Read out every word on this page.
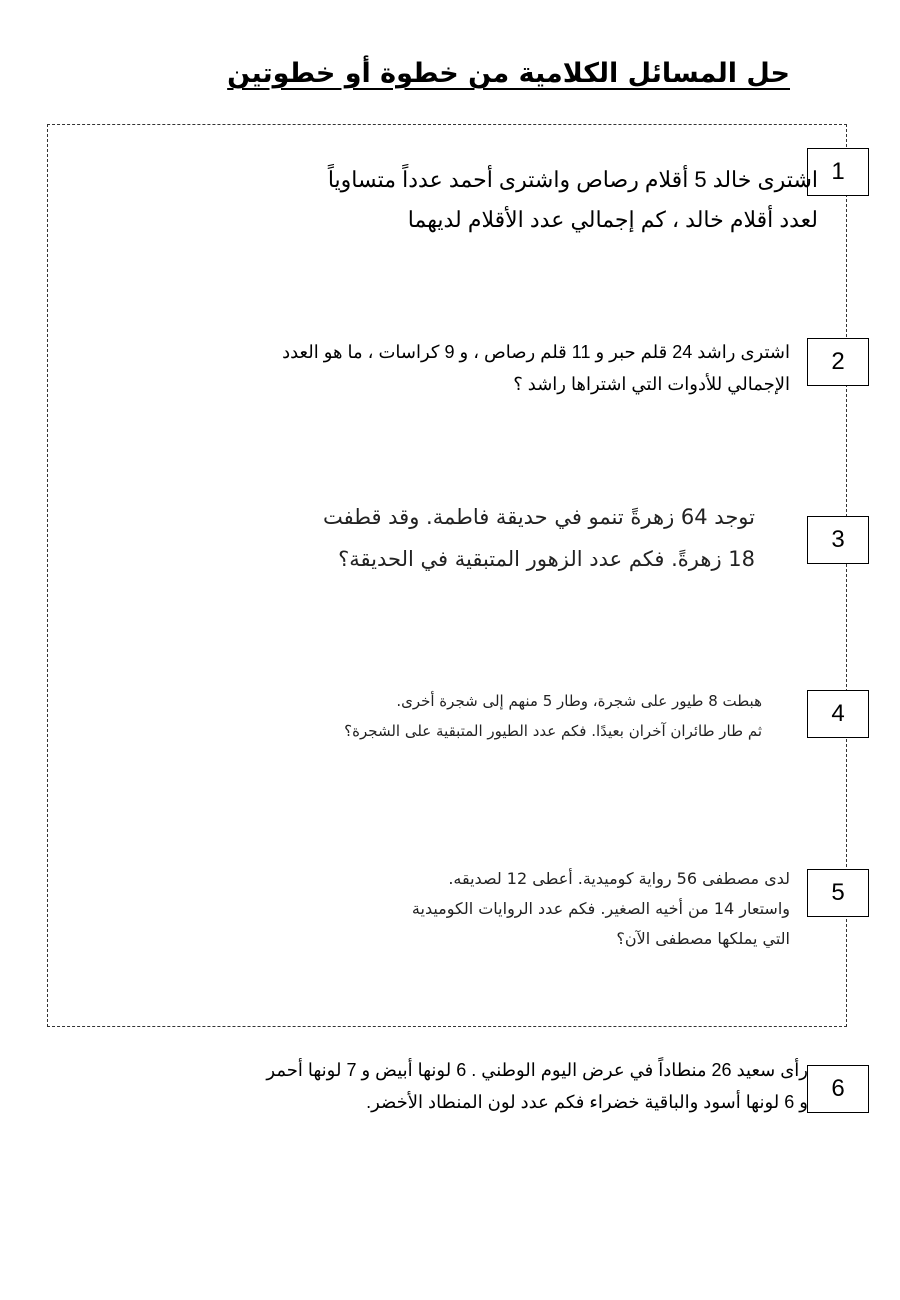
حل المسائل الكلامية من خطوة أو خطوتين
1
اشترى خالد 5 أقلام رصاص واشترى أحمد عدداً متساوياً
لعدد أقلام خالد ، كم إجمالي عدد الأقلام لديهما
2
اشترى راشد 24 قلم حبر و 11 قلم رصاص ، و 9 كراسات ، ما هو العدد
الإجمالي للأدوات التي اشتراها راشد ؟
3
توجد 64 زهرةً تنمو في حديقة فاطمة. وقد قطفت
18 زهرةً. فكم عدد الزهور المتبقية في الحديقة؟
4
هبطت 8 طيور على شجرة، وطار 5 منهم إلى شجرة أخرى.
ثم طار طائران آخران بعيدًا. فكم عدد الطيور المتبقية على الشجرة؟
5
لدى مصطفى 56 رواية كوميدية. أعطى 12 لصديقه.
واستعار 14 من أخيه الصغير. فكم عدد الروايات الكوميدية
التي يملكها مصطفى الآن؟
6
رأى سعيد 26 منطاداً في عرض اليوم الوطني . 6 لونها أبيض و 7 لونها أحمر
و 6 لونها أسود والباقية خضراء فكم عدد لون المنطاد الأخضر.
